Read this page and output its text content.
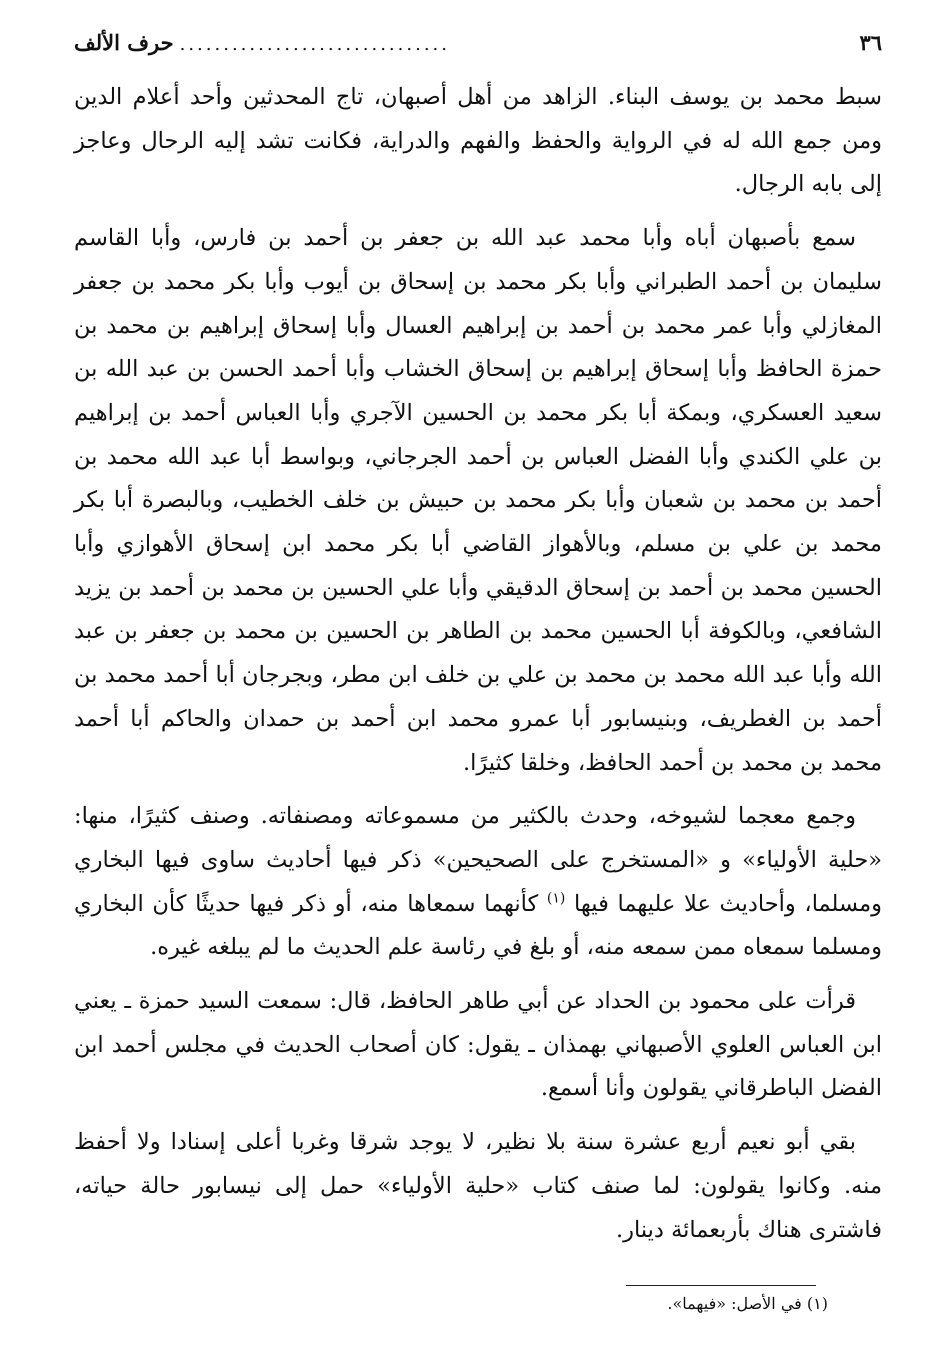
٣٦
...............................
حرف الألف

سبط محمد بن يوسف البناء. الزاهد من أهل أصبهان، تاج المحدثين وأحد أعلام الدين ومن جمع الله له في الرواية والحفظ والفهم والدراية، فكانت تشد إليه الرحال وعاجز إلى بابه الرجال.

سمع بأصبهان أباه وأبا محمد عبد الله بن جعفر بن أحمد بن فارس، وأبا القاسم سليمان بن أحمد الطبراني وأبا بكر محمد بن إسحاق بن أيوب وأبا بكر محمد بن جعفر المغازلي وأبا عمر محمد بن أحمد بن إبراهيم العسال وأبا إسحاق إبراهيم بن محمد بن حمزة الحافظ وأبا إسحاق إبراهيم بن إسحاق الخشاب وأبا أحمد الحسن بن عبد الله بن سعيد العسكري، وبمكة أبا بكر محمد بن الحسين الآجري وأبا العباس أحمد بن إبراهيم بن علي الكندي وأبا الفضل العباس بن أحمد الجرجاني، وبواسط أبا عبد الله محمد بن أحمد بن محمد بن شعبان وأبا بكر محمد بن حبيش بن خلف الخطيب، وبالبصرة أبا بكر محمد بن علي بن مسلم، وبالأهواز القاضي أبا بكر محمد ابن إسحاق الأهوازي وأبا الحسين محمد بن أحمد بن إسحاق الدقيقي وأبا علي الحسين بن محمد بن أحمد بن يزيد الشافعي، وبالكوفة أبا الحسين محمد بن الطاهر بن الحسين بن محمد بن جعفر بن عبد الله وأبا عبد الله محمد بن محمد بن علي بن خلف ابن مطر، وبجرجان أبا أحمد محمد بن أحمد بن الغطريف، وبنيسابور أبا عمرو محمد ابن أحمد بن حمدان والحاكم أبا أحمد محمد بن محمد بن أحمد الحافظ، وخلقا كثيرًا.

وجمع معجما لشيوخه، وحدث بالكثير من مسموعاته ومصنفاته. وصنف كثيرًا، منها: «حلية الأولياء» و «المستخرج على الصحيحين» ذكر فيها أحاديث ساوى فيها البخاري ومسلما، وأحاديث علا عليهما فيها $^{(١)}$ كأنهما سمعاها منه، أو ذكر فيها حديثًا كأن البخاري ومسلما سمعاه ممن سمعه منه، أو بلغ في رئاسة علم الحديث ما لم يبلغه غيره.

قرأت على محمود بن الحداد عن أبي طاهر الحافظ، قال: سمعت السيد حمزة ـ يعني ابن العباس العلوي الأصبهاني بهمذان ـ يقول: كان أصحاب الحديث في مجلس أحمد ابن الفضل الباطرقاني يقولون وأنا أسمع.

بقي أبو نعيم أربع عشرة سنة بلا نظير، لا يوجد شرقا وغربا أعلى إسنادا ولا أحفظ منه. وكانوا يقولون: لما صنف كتاب «حلية الأولياء» حمل إلى نيسابور حالة حياته، فاشترى هناك بأربعمائة دينار.

(١) في الأصل: «فيهما».
